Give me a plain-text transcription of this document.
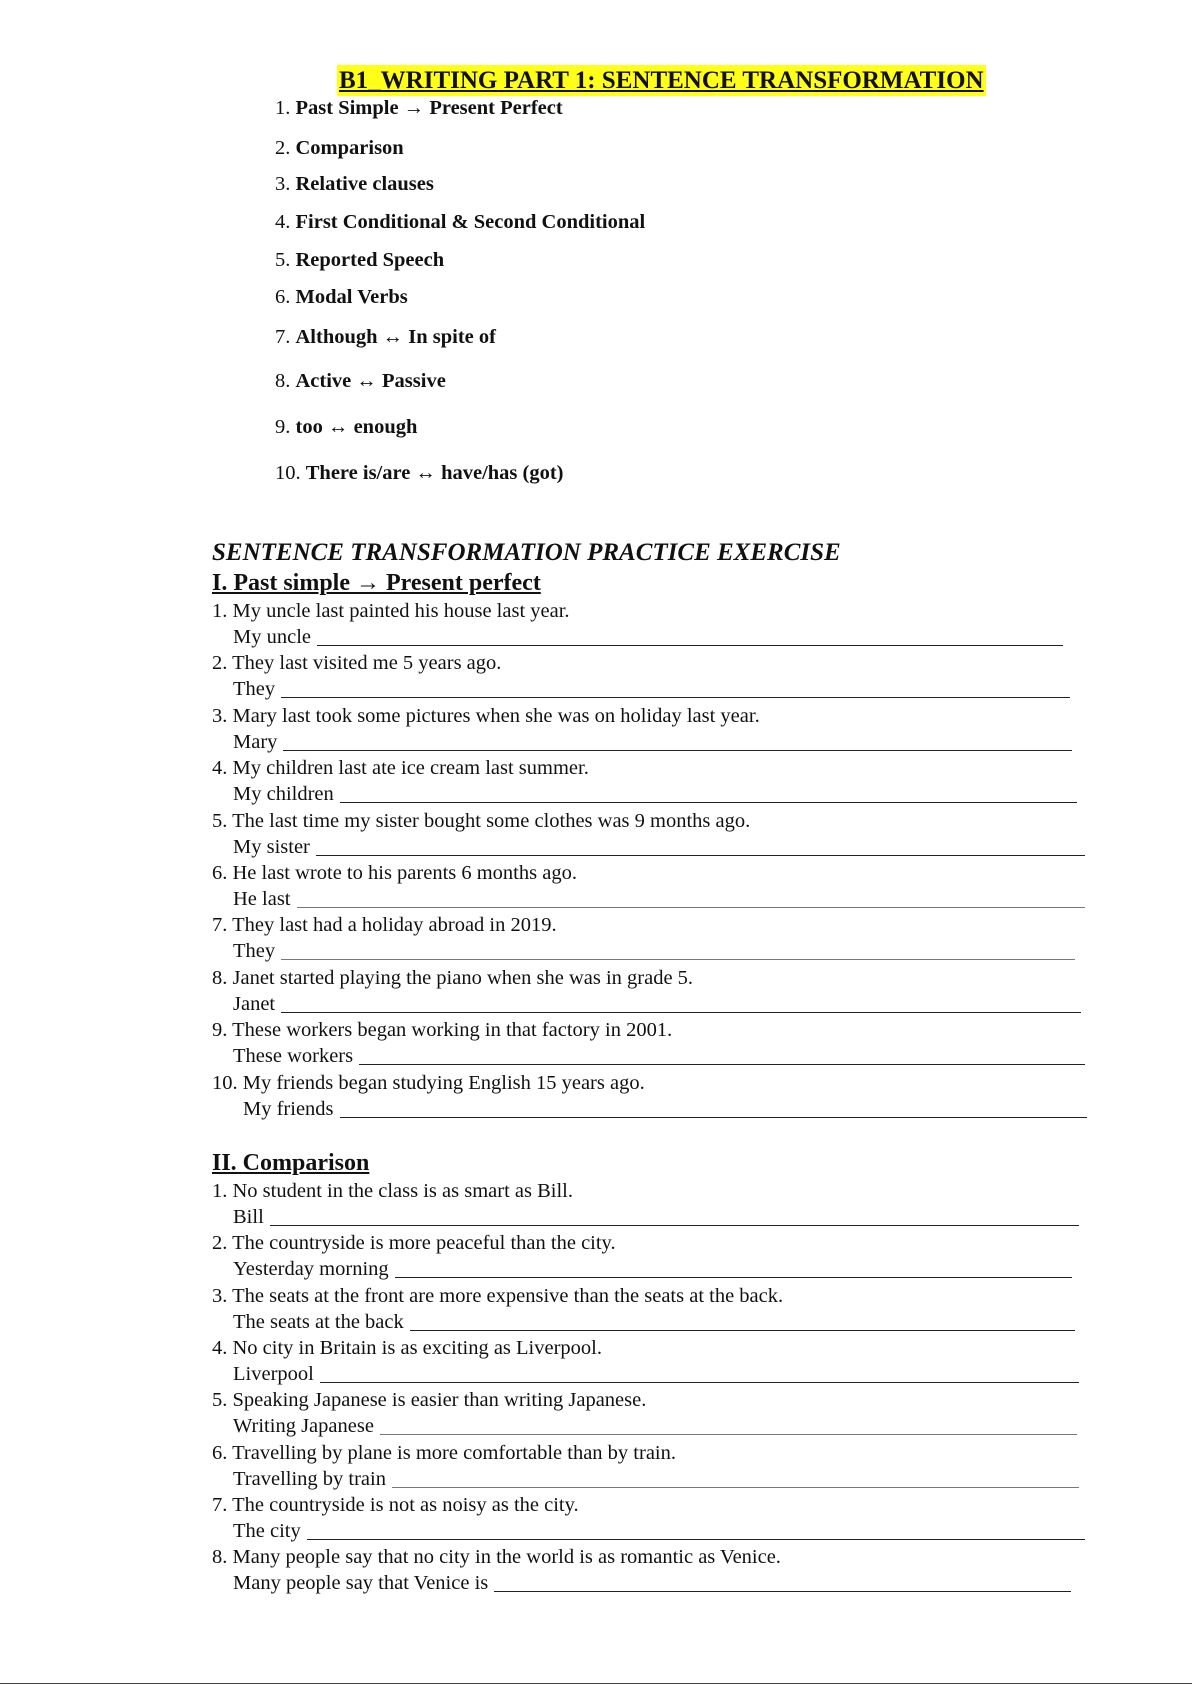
B1_WRITING PART 1: SENTENCE TRANSFORMATION
1. Past Simple → Present Perfect
2. Comparison
3. Relative clauses
4. First Conditional & Second Conditional
5. Reported Speech
6. Modal Verbs
7. Although ↔ In spite of
8. Active ↔ Passive
9. too ↔ enough
10. There is/are ↔ have/has (got)
SENTENCE TRANSFORMATION PRACTICE EXERCISE
I. Past simple → Present perfect
1. My uncle last painted his house last year.
My uncle
2. They last visited me 5 years ago.
They
3. Mary last took some pictures when she was on holiday last year.
Mary
4. My children last ate ice cream last summer.
My children
5. The last time my sister bought some clothes was 9 months ago.
My sister
6. He last wrote to his parents 6 months ago.
He last
7. They last had a holiday abroad in 2019.
They
8. Janet started playing the piano when she was in grade 5.
Janet
9. These workers began working in that factory in 2001.
These workers
10. My friends began studying English 15 years ago.
My friends
II. Comparison
1. No student in the class is as smart as Bill.
Bill
2. The countryside is more peaceful than the city.
Yesterday morning
3. The seats at the front are more expensive than the seats at the back.
The seats at the back
4. No city in Britain is as exciting as Liverpool.
Liverpool
5. Speaking Japanese is easier than writing Japanese.
Writing Japanese
6. Travelling by plane is more comfortable than by train.
Travelling by train
7. The countryside is not as noisy as the city.
The city
8. Many people say that no city in the world is as romantic as Venice.
Many people say that Venice is
